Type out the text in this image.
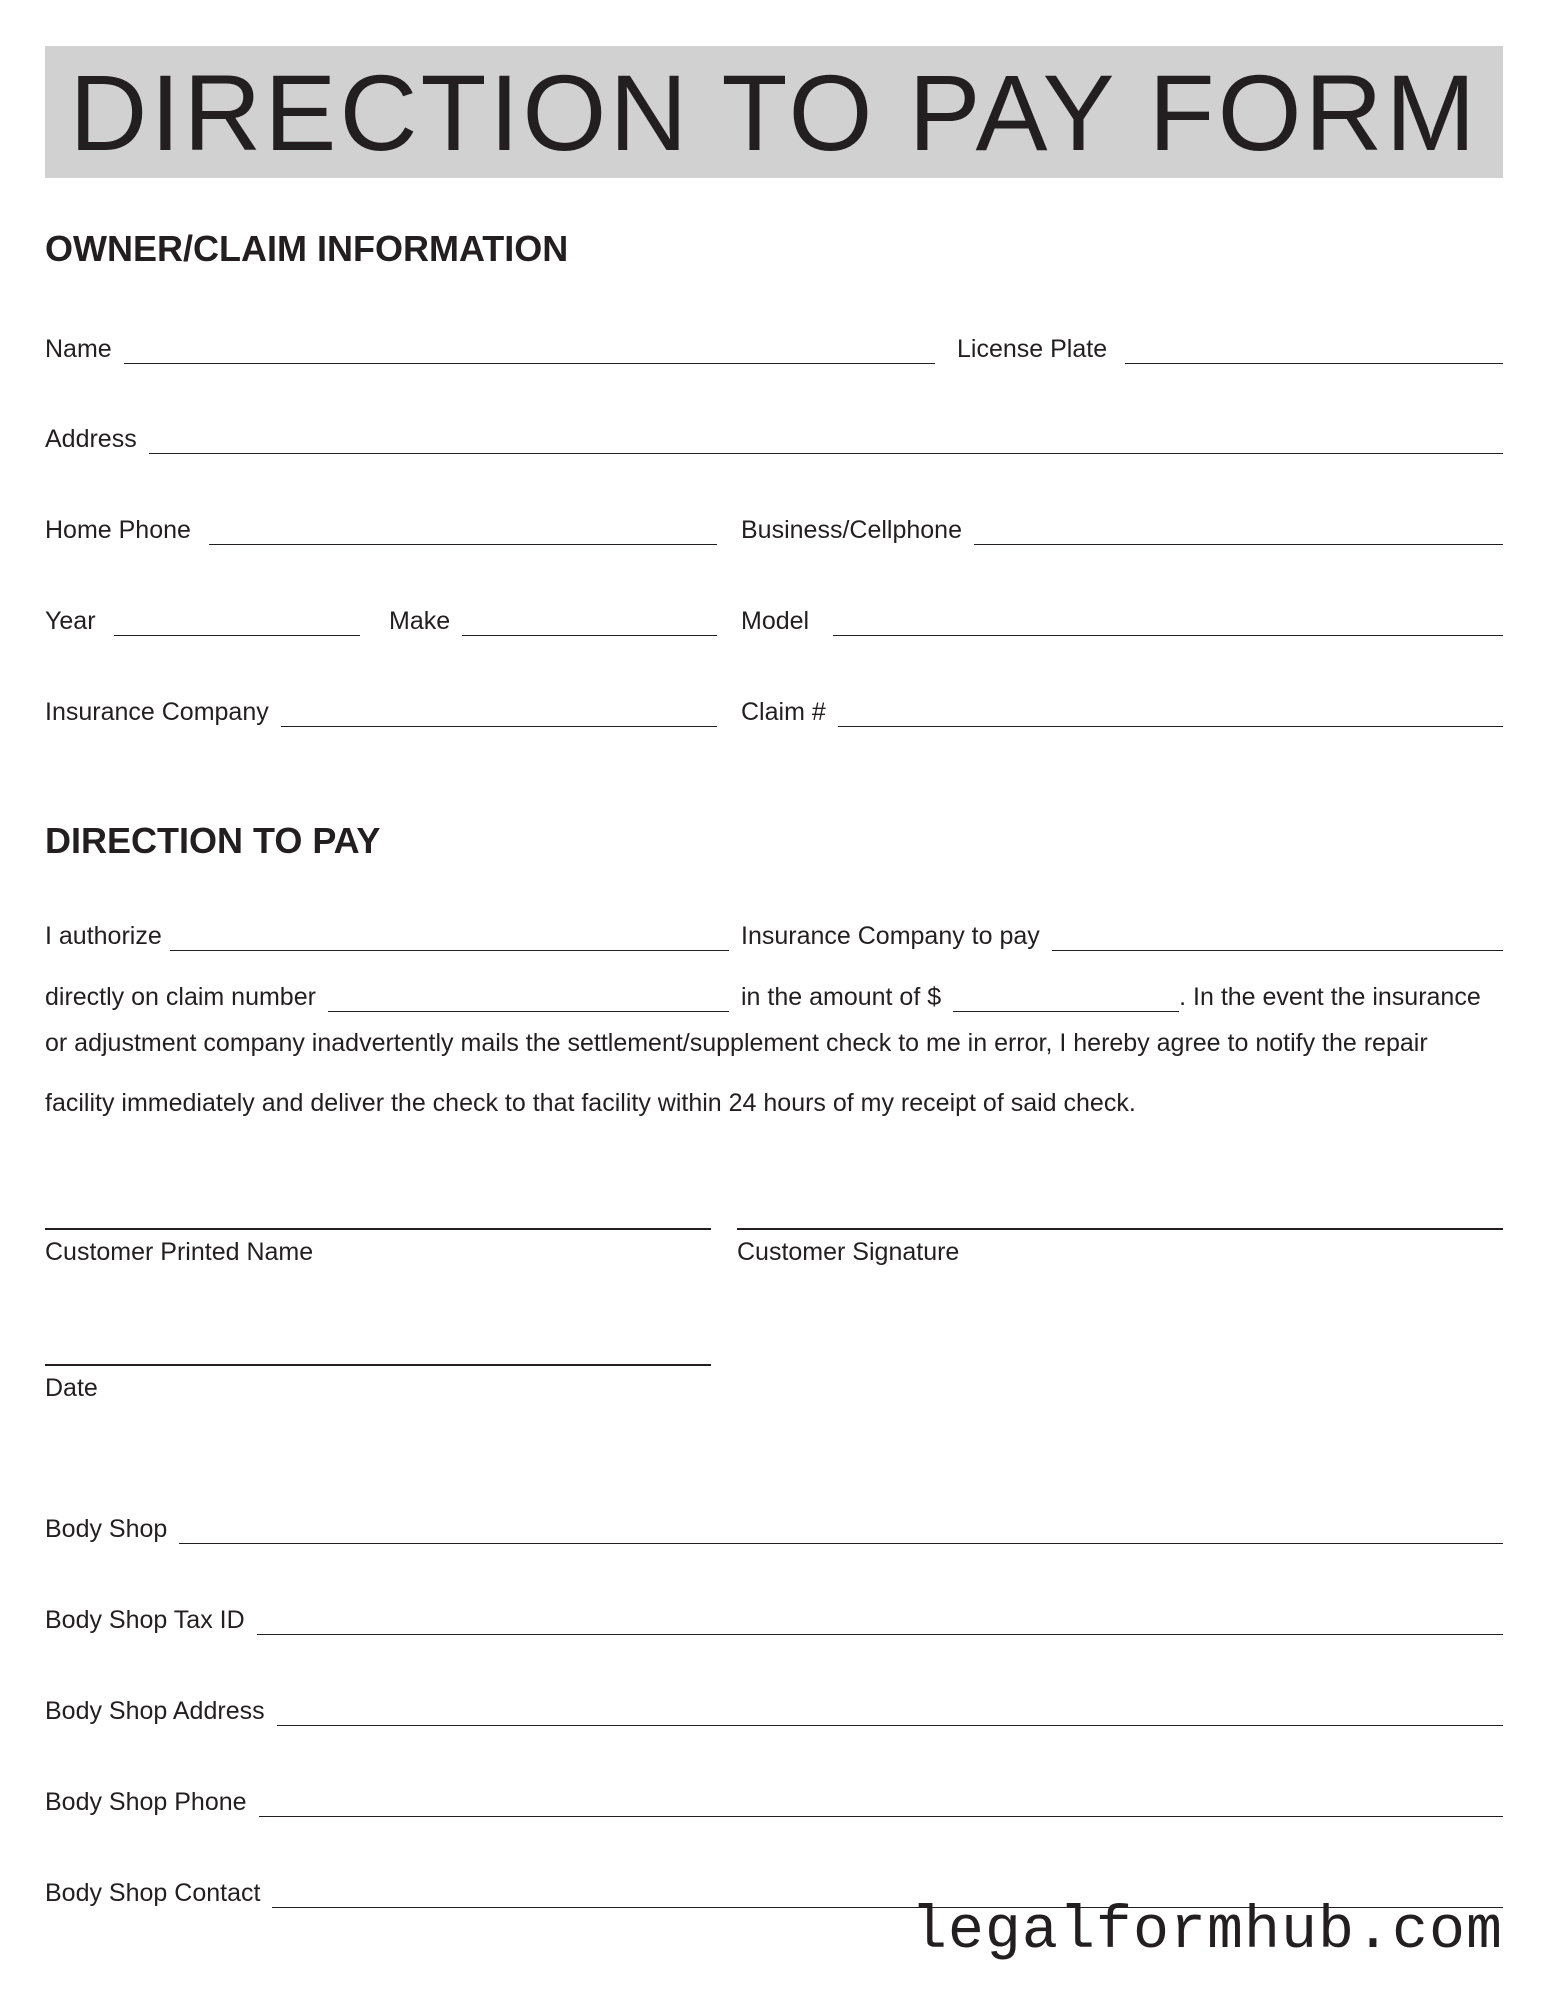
DIRECTION TO PAY FORM
OWNER/CLAIM INFORMATION
Name	License Plate
Address
Home Phone	Business/Cellphone
Year	Make	Model
Insurance Company	Claim #
DIRECTION TO PAY
I authorize	Insurance Company to pay
directly on claim number	in the amount of $	. In the event the insurance
or adjustment company inadvertently mails the settlement/supplement check to me in error, I hereby agree to notify the repair
facility immediately and deliver the check to that facility within 24 hours of my receipt of said check.
Customer Printed Name	Customer Signature
Date
Body Shop
Body Shop Tax ID
Body Shop Address
Body Shop Phone
Body Shop Contact
legalformhub.com
